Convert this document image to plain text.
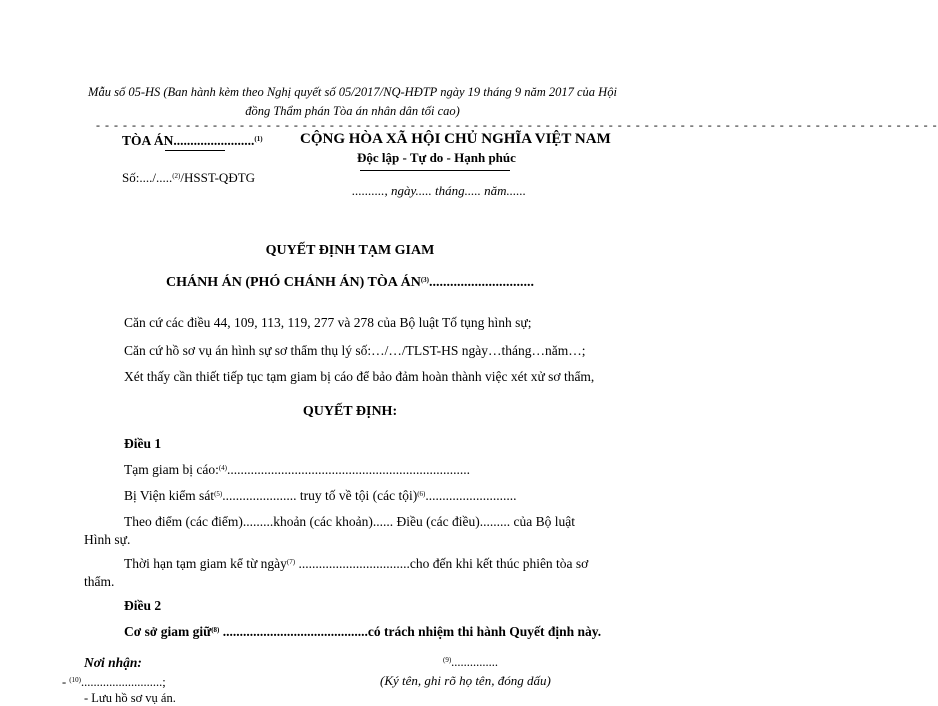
Mẫu số 05-HS (Ban hành kèm theo Nghị quyết số 05/2017/NQ-HĐTP ngày 19 tháng 9 năm 2017 của Hội đồng Thẩm phán Tòa án nhân dân tối cao)
- - - - - - - - - - - - - - - - - - - - - - - - - - - - - - - - - - - - - - - - - - - - - - - - - - - - - - - - - - - - - - - - - - - - - - - - - - - - - - - - - - - - - - - - - - - - - -
TÒA ÁN........................$^{(1)}$
Số:..../.....$^{(2)}$/HSST-QĐTG
CỘNG HÒA XÃ HỘI CHỦ NGHĨA VIỆT NAM
Độc lập - Tự do - Hạnh phúc
.........., ngày..... tháng..... năm......
QUYẾT ĐỊNH TẠM GIAM
CHÁNH ÁN (PHÓ CHÁNH ÁN) TÒA ÁN$^{(3)}$..............................
Căn cứ các điều 44, 109, 113, 119, 277 và 278 của Bộ luật Tố tụng hình sự;
Căn cứ hồ sơ vụ án hình sự sơ thẩm thụ lý số:…/…/TLST-HS ngày…tháng…năm…;
Xét thấy cần thiết tiếp tục tạm giam bị cáo để bảo đảm hoàn thành việc xét xử sơ thẩm,
QUYẾT ĐỊNH:
Điều 1
Tạm giam bị cáo:$^{(4)}$........................................................................
Bị Viện kiểm sát$^{(5)}$...................... truy tố về tội (các tội)$^{(6)}$...........................
Theo điểm (các điểm).........khoản (các khoản)...... Điều (các điều)......... của Bộ luật
Hình sự.
Thời hạn tạm giam kể từ ngày$^{(7)}$ .................................cho đến khi kết thúc phiên tòa sơ
thẩm.
Điều 2
Cơ sở giam giữ$^{(8)}$ ...........................................có trách nhiệm thi hành Quyết định này.
Nơi nhận:
- $^{(10)}$..........................;
- Lưu hồ sơ vụ án.
$^{(9)}$...............
(Ký tên, ghi rõ họ tên, đóng dấu)
